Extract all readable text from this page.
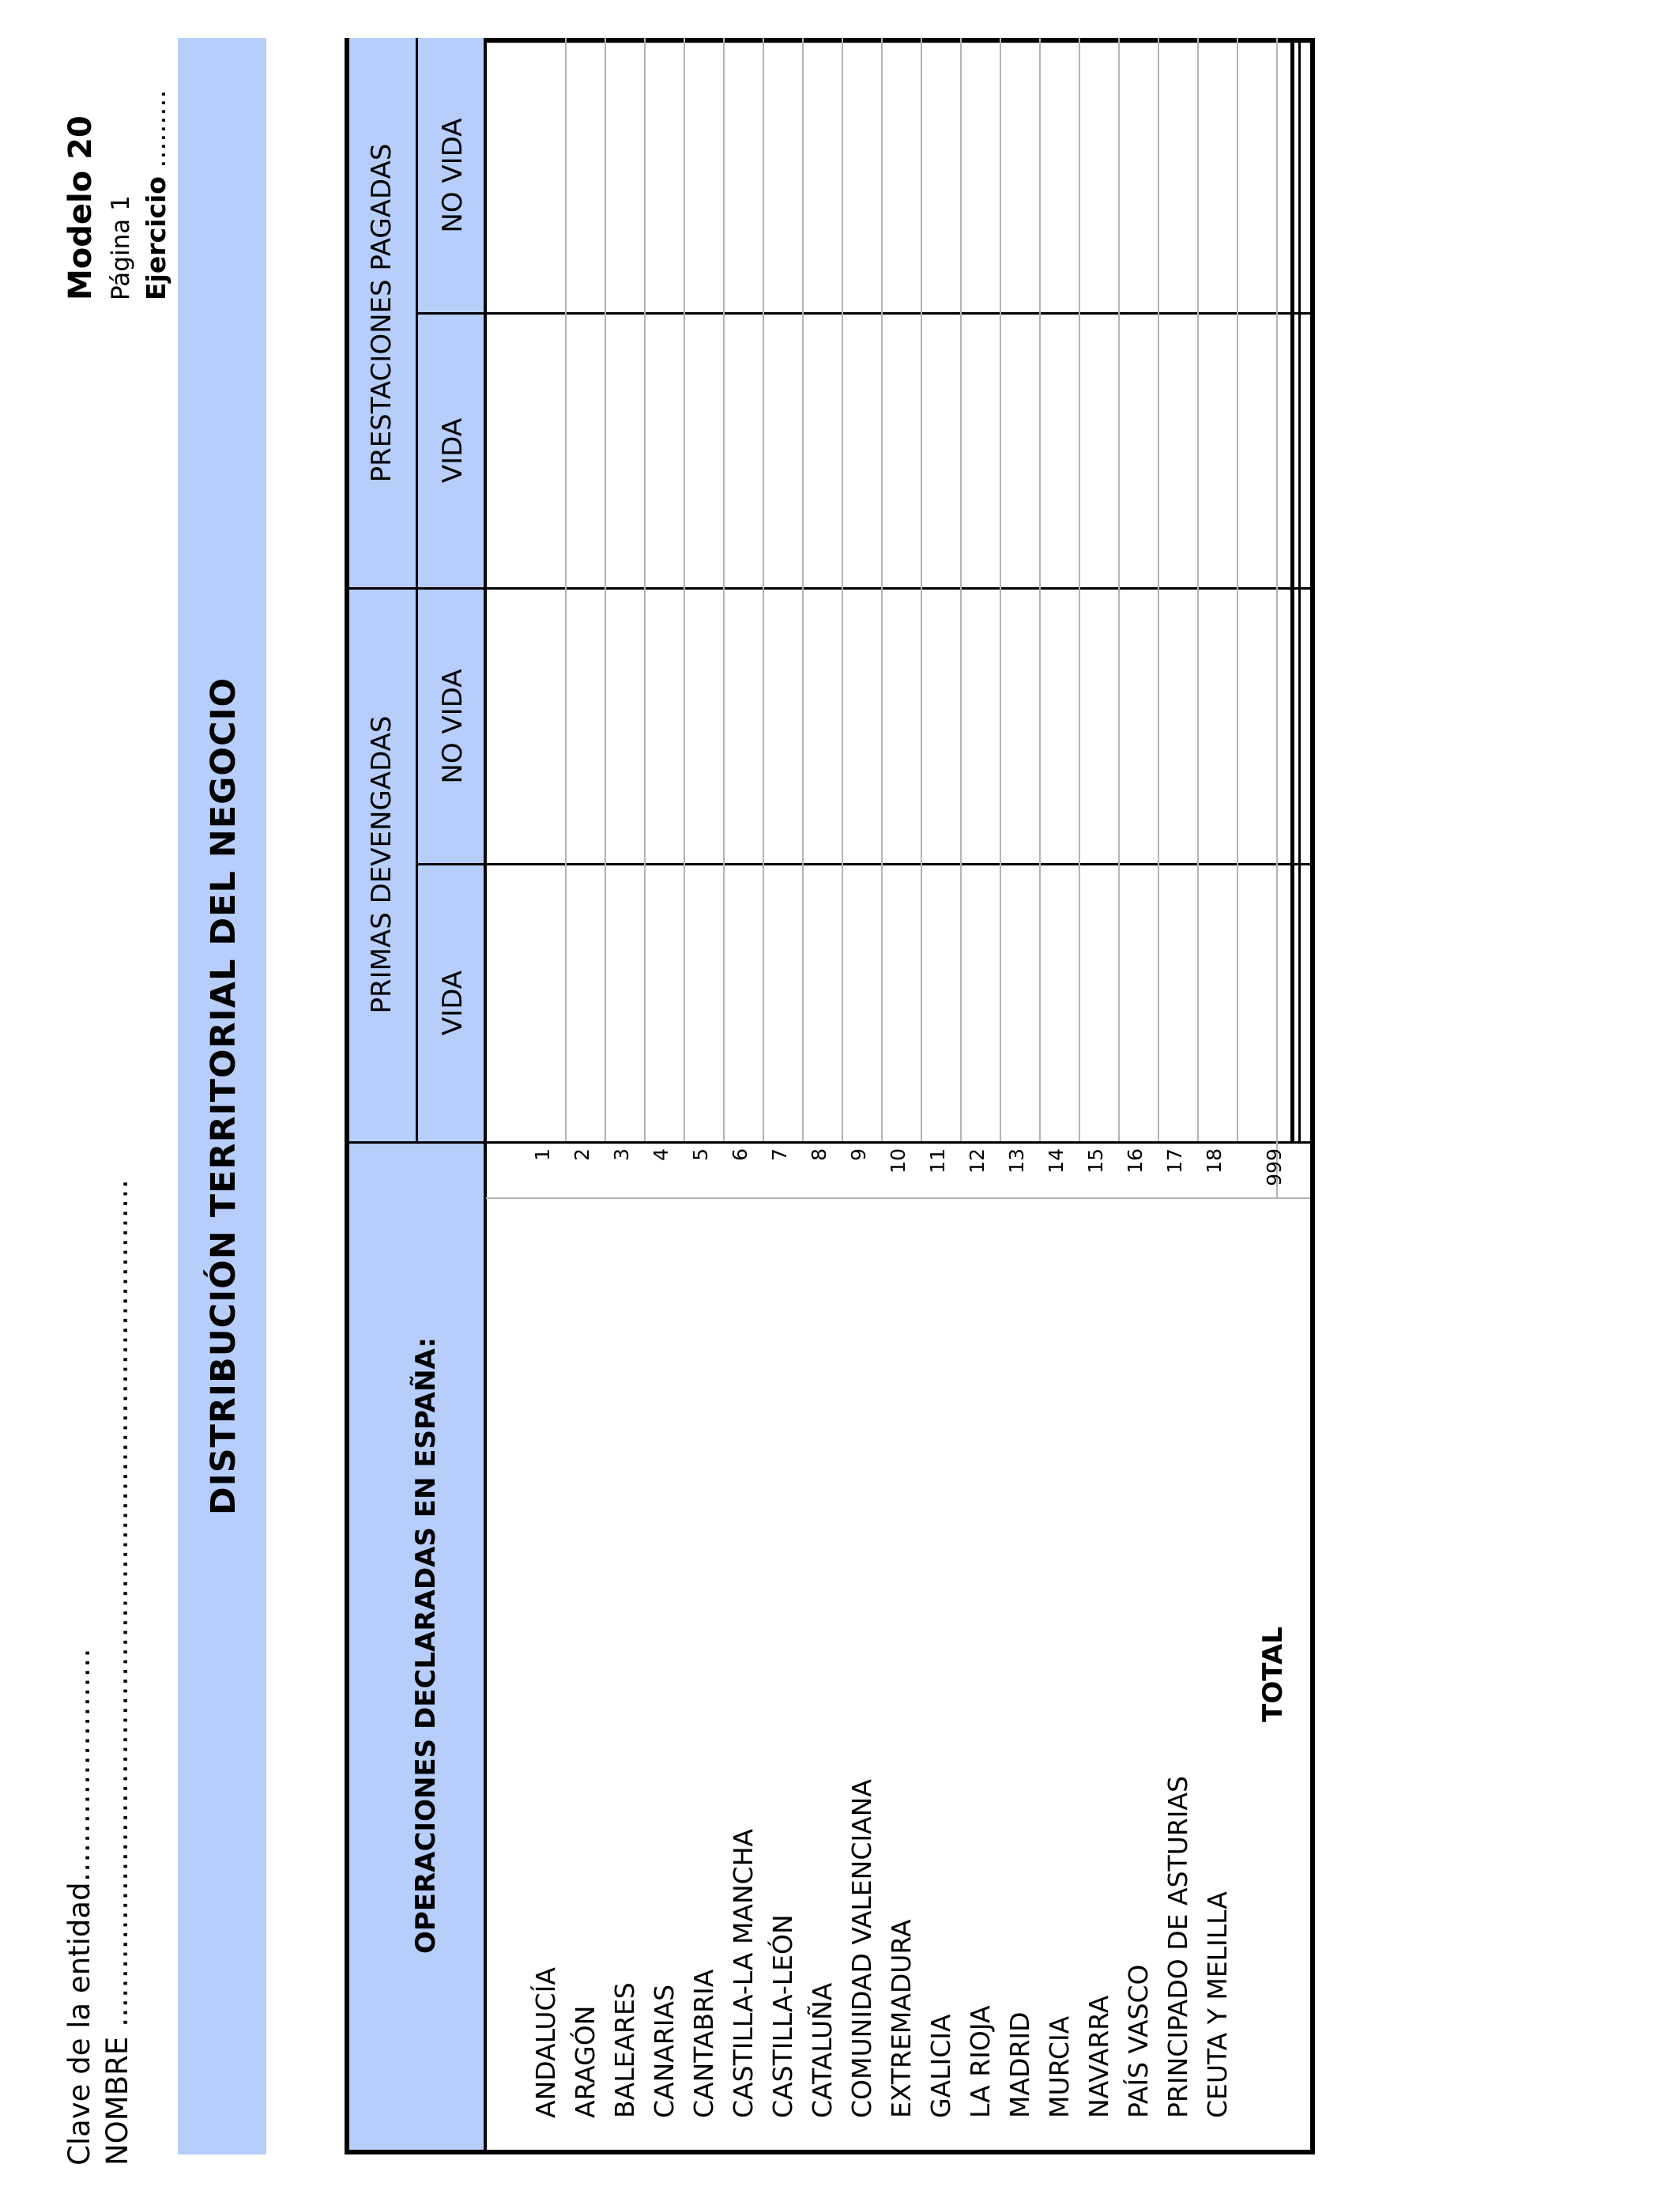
Clave de la entidad…………………… NOMBRE ……………………………………………………………………………
Modelo 20 Página 1 Ejercicio ………
DISTRIBUCIÓN TERRITORIAL DEL NEGOCIO
OPERACIONES DECLARADAS EN ESPAÑA:
PRIMAS DEVENGADAS VIDA
NO VIDA
PRESTACIONES PAGADAS VIDA
NO VIDA
ANDALUCÍA ARAGÓN BALEARES CANARIAS CANTABRIA CASTILLA-LA MANCHA CASTILLA-LEÓN CATALUÑA COMUNIDAD VALENCIANA EXTREMADURA GALICIA LA RIOJA MADRID MURCIA NAVARRA PAÍS VASCO PRINCIPADO DE ASTURIAS CEUTA Y MELILLA
TOTAL
1 2 3 4 5 6 7 8 9 10 11 12 13 14 15 16 17 18 999
